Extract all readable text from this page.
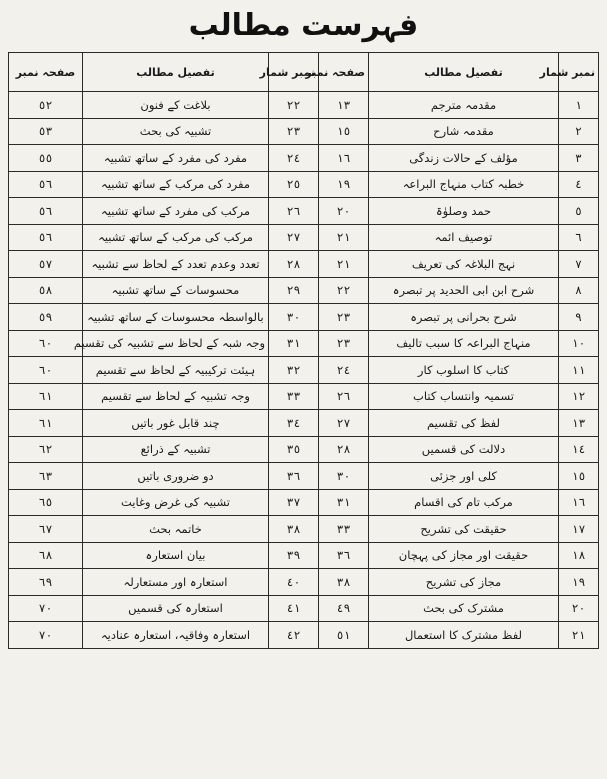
فہرست مطالب
نمبر شمار	تفصیل مطالب	صفحہ نمبر	نمبر شمار	تفصیل مطالب	صفحہ نمبر
١	مقدمہ مترجم	١٣	٢٢	بلاغت کے فنون	٥٢
٢	مقدمہ شارح	١٥	٢٣	تشبیہ کی بحث	٥٣
٣	مؤلف کے حالات زندگی	١٦	٢٤	مفرد کی مفرد کے ساتھ تشبیہ	٥٥
٤	خطبہ کتاب منہاج البراعہ	١٩	٢٥	مفرد کی مرکب کے ساتھ تشبیہ	٥٦
٥	حمد وصلوٰۃ	٢٠	٢٦	مرکب کی مفرد کے ساتھ تشبیہ	٥٦
٦	توصیف ائمہ	٢١	٢٧	مرکب کی مرکب کے ساتھ تشبیہ	٥٦
٧	نہج البلاغہ کی تعریف	٢١	٢٨	تعدد وعدم تعدد کے لحاظ سے تشبیہ	٥٧
٨	شرح ابن ابی الحدید پر تبصرہ	٢٢	٢٩	محسوسات کے ساتھ تشبیہ	٥٨
٩	شرح بحرانی پر تبصرہ	٢٣	٣٠	بالواسطہ محسوسات کے ساتھ تشبیہ	٥٩
١٠	منہاج البراعہ کا سبب تالیف	٢٣	٣١	وجہ شبہ کے لحاظ سے تشبیہ کی تقسیم	٦٠
١١	کتاب کا اسلوب کار	٢٤	٣٢	ہیئت ترکیبیہ کے لحاظ سے تقسیم	٦٠
١٢	تسمیہ وانتساب کتاب	٢٦	٣٣	وجہ تشبیہ کے لحاظ سے تقسیم	٦١
١٣	لفظ کی تقسیم	٢٧	٣٤	چند قابل غور باتیں	٦١
١٤	دلالت کی قسمیں	٢٨	٣٥	تشبیہ کے ذرائع	٦٢
١٥	کلی اور جزئی	٣٠	٣٦	دو ضروری باتیں	٦٣
١٦	مرکب تام کی اقسام	٣١	٣٧	تشبیہ کی غرض وغایت	٦٥
١٧	حقیقت کی تشریح	٣٣	٣٨	خاتمہ بحث	٦٧
١٨	حقیقت اور مجاز کی پہچان	٣٦	٣٩	بیان استعارہ	٦٨
١٩	مجاز کی تشریح	٣٨	٤٠	استعارہ اور مستعارلہ	٦٩
٢٠	مشترک کی بحث	٤٩	٤١	استعارہ کی قسمیں	٧٠
٢١	لفظ مشترک کا استعمال	٥١	٤٢	استعارہ وفاقیہ، استعارہ عنادیہ	٧٠
